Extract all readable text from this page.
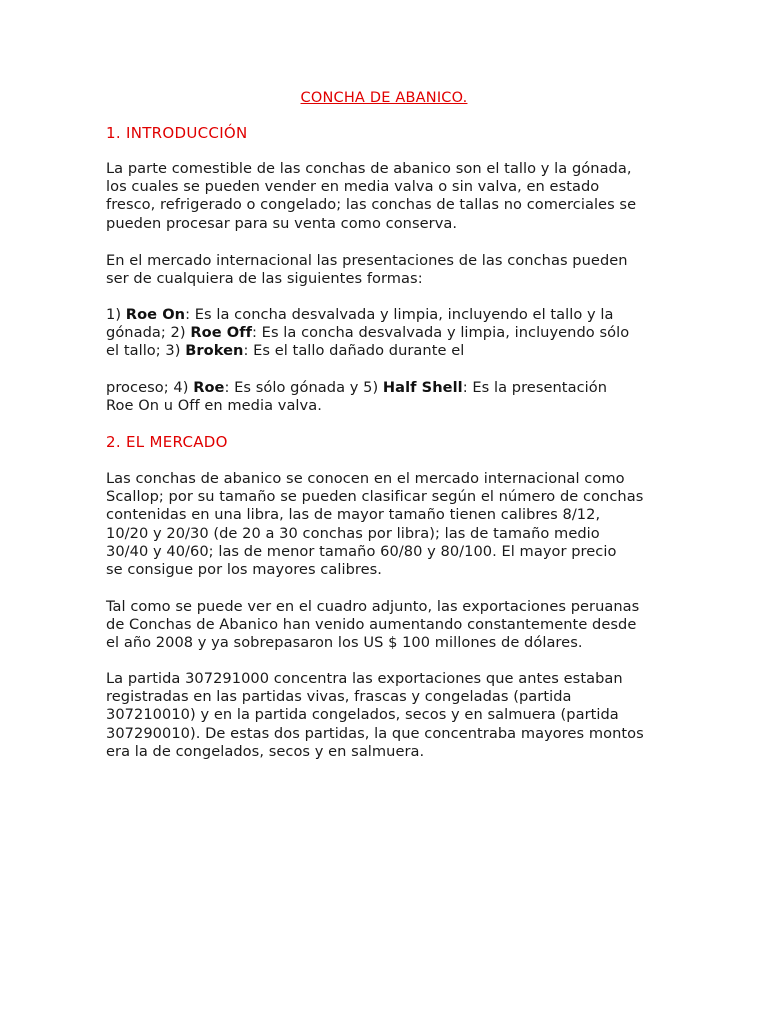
CONCHA DE ABANICO.
1. INTRODUCCIÓN
La parte comestible de las conchas de abanico son el tallo y la gónada,
los cuales se pueden vender en media valva o sin valva, en estado
fresco, refrigerado o congelado; las conchas de tallas no comerciales se
pueden procesar para su venta como conserva.
En el mercado internacional las presentaciones de las conchas pueden
ser de cualquiera de las siguientes formas:
1) Roe On: Es la concha desvalvada y limpia, incluyendo el tallo y la
gónada; 2) Roe Off: Es la concha desvalvada y limpia, incluyendo sólo
el tallo; 3) Broken: Es el tallo dañado durante el
proceso; 4) Roe: Es sólo gónada y 5) Half Shell: Es la presentación
Roe On u Off en media valva.
2. EL MERCADO
Las conchas de abanico se conocen en el mercado internacional como
Scallop; por su tamaño se pueden clasificar según el número de conchas
contenidas en una libra, las de mayor tamaño tienen calibres 8/12,
10/20 y 20/30 (de 20 a 30 conchas por libra); las de tamaño medio
30/40 y 40/60; las de menor tamaño 60/80 y 80/100. El mayor precio
se consigue por los mayores calibres.
Tal como se puede ver en el cuadro adjunto, las exportaciones peruanas
de Conchas de Abanico han venido aumentando constantemente desde
el año 2008 y ya sobrepasaron los US $ 100 millones de dólares.
La partida 307291000 concentra las exportaciones que antes estaban
registradas en las partidas vivas, frascas y congeladas (partida
307210010) y en la partida congelados, secos y en salmuera (partida
307290010). De estas dos partidas, la que concentraba mayores montos
era la de congelados, secos y en salmuera.
